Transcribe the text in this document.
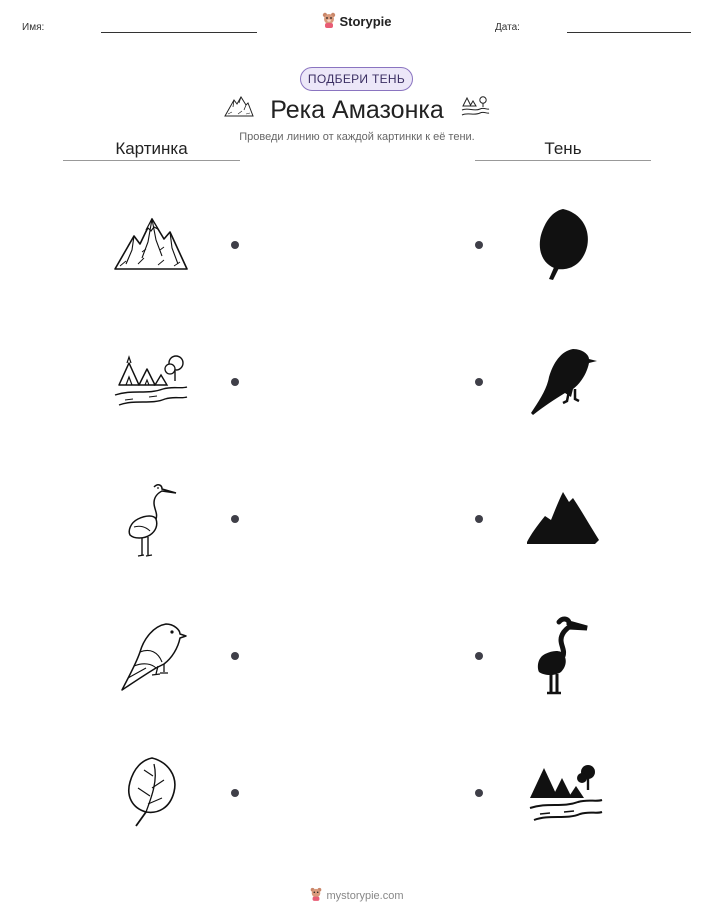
Имя:	Дата:
Storypie
ПОДБЕРИ ТЕНЬ
Река Амазонка
Проведи линию от каждой картинки к её тени.
Картинка	Тень
mystorypie.com
